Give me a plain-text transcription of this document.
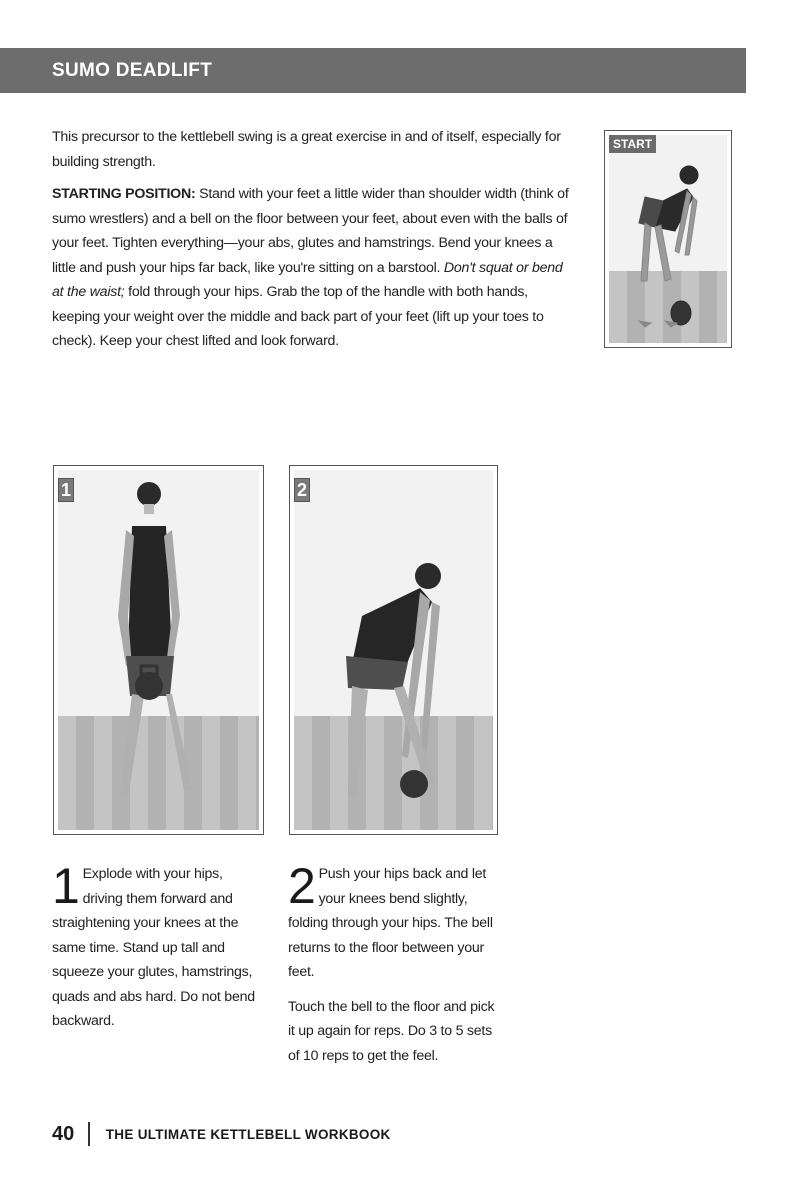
SUMO DEADLIFT

This precursor to the kettlebell swing is a great exercise in and of itself, especially for building strength.

STARTING POSITION: Stand with your feet a little wider than shoulder width (think of sumo wrestlers) and a bell on the floor between your feet, about even with the balls of your feet. Tighten everything—your abs, glutes and hamstrings. Bend your knees a little and push your hips far back, like you're sitting on a barstool. Don't squat or bend at the waist; fold through your hips. Grab the top of the handle with both hands, keeping your weight over the middle and back part of your feet (lift up your toes to check). Keep your chest lifted and look forward.

START
1	2

1 Explode with your hips, driving them forward and straightening your knees at the same time. Stand up tall and squeeze your glutes, hamstrings, quads and abs hard. Do not bend backward.

2 Push your hips back and let your knees bend slightly, folding through your hips. The bell returns to the floor between your feet.

Touch the bell to the floor and pick it up again for reps. Do 3 to 5 sets of 10 reps to get the feel.

40 THE ULTIMATE KETTLEBELL WORKBOOK
